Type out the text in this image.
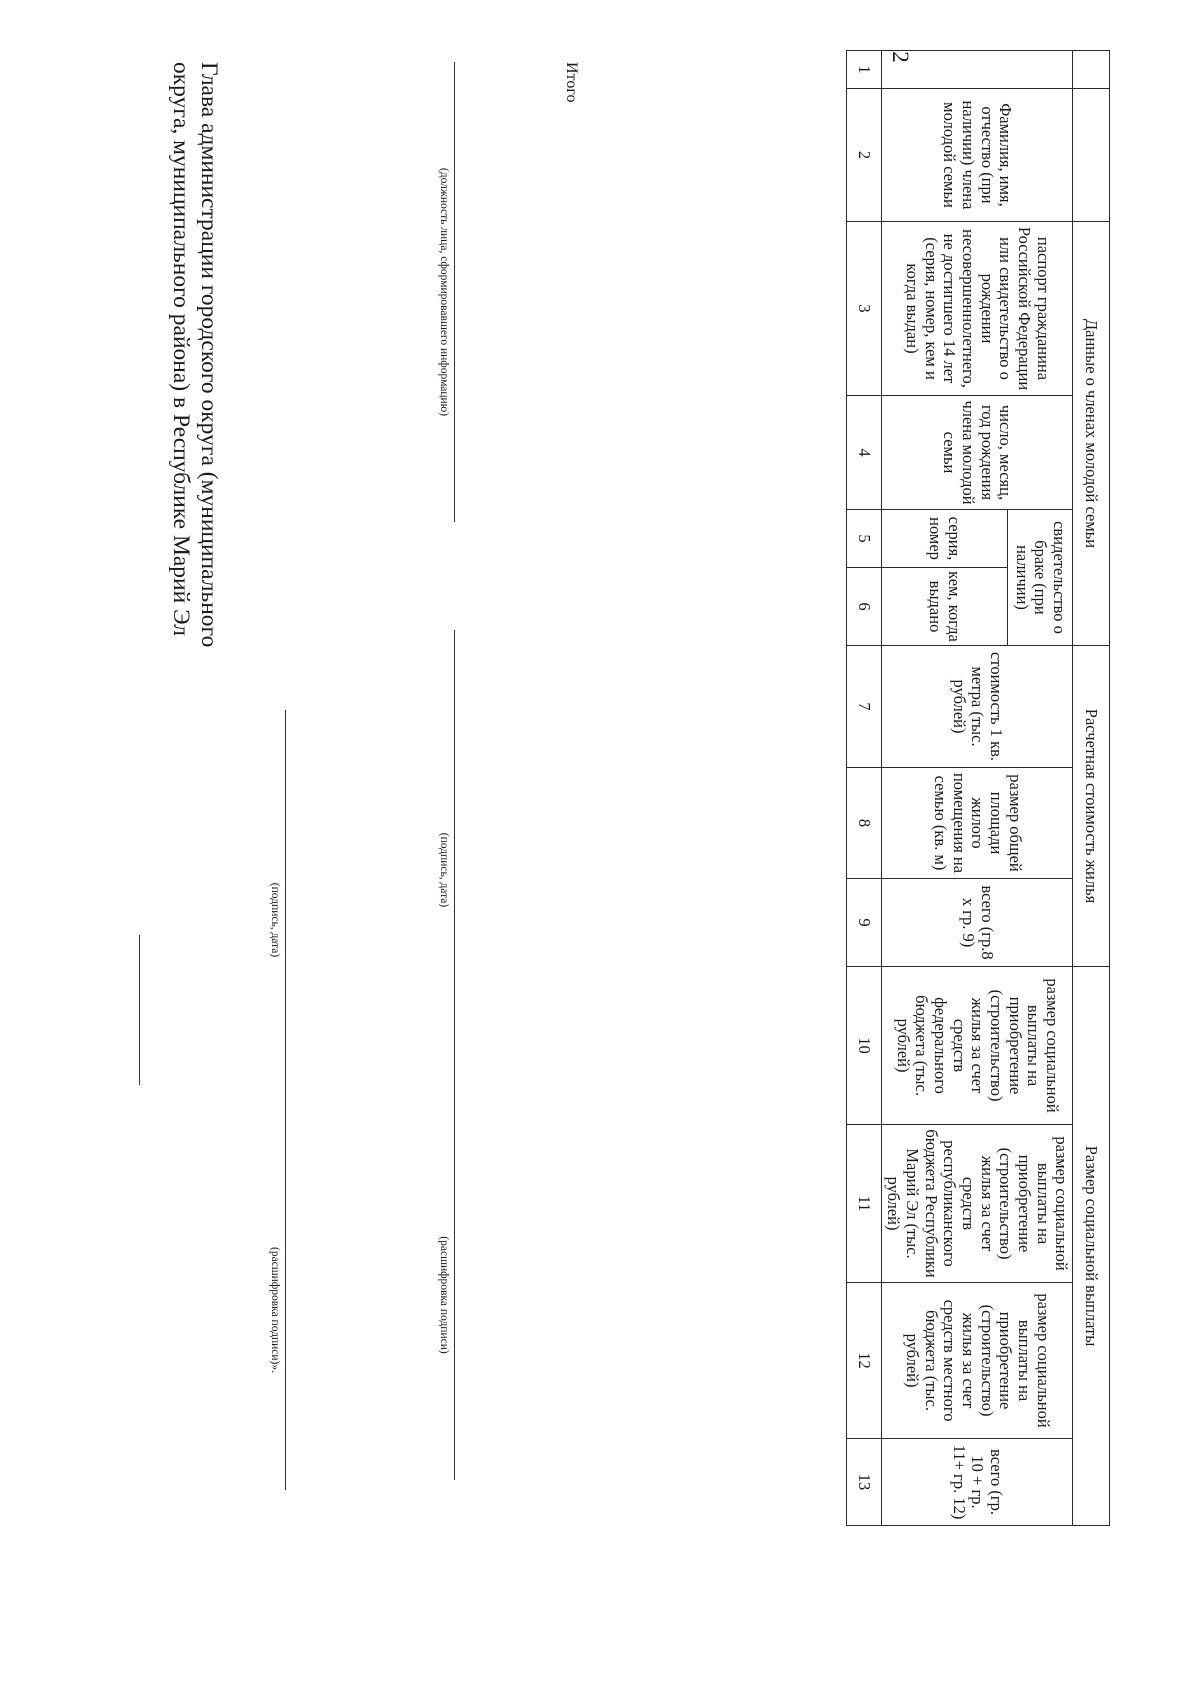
2
		Данные о членах молодой семьи				Расчетная стоимость жилья			Размер социальной выплаты			
	Фамилия, имя, отчество (при наличии) члена молодой семьи	паспорт гражданина Российской Федерации или свидетельство о рождении несовершеннолетнего, не достигшего 14 лет (серия, номер, кем и когда выдан)	число, месяц, год рождения члена молодой семьи	свидетельство о браке (при наличии)		стоимость 1 кв. метра (тыс. рублей)	размер общей площади жилого помещения на семью (кв. м)	всего (гр.8 x гр. 9)	размер социальной выплаты на приобретение (строительство) жилья за счет средств федерального бюджета (тыс. рублей)	размер социальной выплаты на приобретение (строительство) жилья за счет средств республиканского бюджета Республики Марий Эл (тыс. рублей)	размер социальной выплаты на приобретение (строительство) жилья за счет средств местного бюджета (тыс. рублей)	всего (гр. 10 + гр. 11+ гр. 12)
				серия, номер	кем, когда выдано							
1	2	3	4	5	6	7	8	9	10	11	12	13
Итого
(должность лица, сформировавшего информацию)
(подпись, дата)
(расшифровка подписи)
Глава администрации городского округа (муниципального округа, муниципального района) в Республике Марий Эл
(подпись, дата)
(расшифровка подписи)».
